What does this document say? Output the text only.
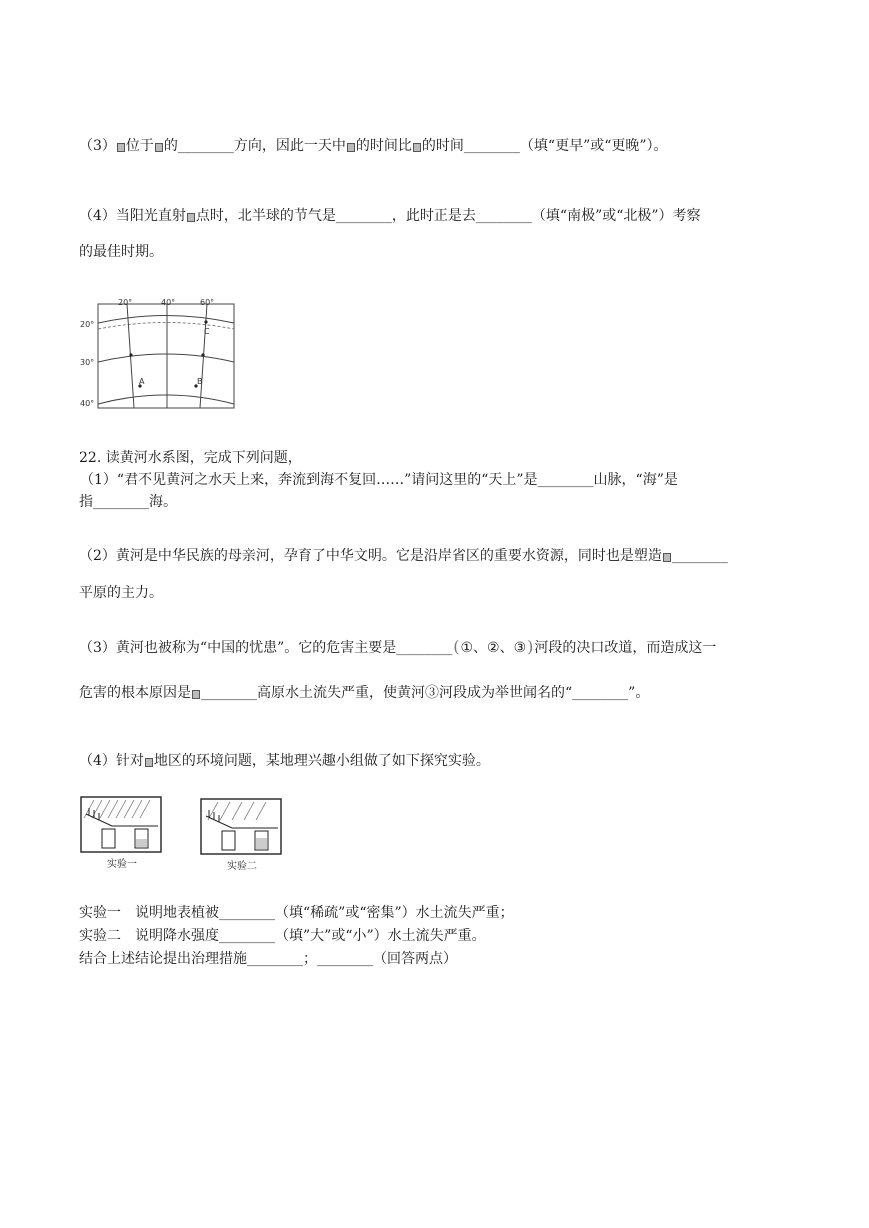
（3） 位于 的________方向，因此一天中 的时间比 的时间________（填“更早”或“更晚”）。
（4）当阳光直射 点时，北半球的节气是________，此时正是去________（填“南极”或“北极”）考察
的最佳时期。
20°	40°	60°
20°
30°
40°
A	B
C
22. 读黄河水系图，完成下列问题，
（1）“君不见黄河之水天上来，奔流到海不复回……”请问这里的“天上”是________山脉，“海”是
指________海。
（2）黄河是中华民族的母亲河，孕育了中华文明。它是沿岸省区的重要水资源，同时也是塑造 ________
平原的主力。
（3）黄河也被称为“中国的忧患”。它的危害主要是________(①、②、③)河段的决口改道，而造成这一
危害的根本原因是 ________高原水土流失严重，使黄河③河段成为举世闻名的“________”。
（4）针对 地区的环境问题，某地理兴趣小组做了如下探究实验。
实验一	实验二
实验一　说明地表植被________（填“稀疏”或“密集”）水土流失严重；
实验二　说明降水强度________（填”大”或“小”）水土流失严重。
结合上述结论提出治理措施________；________（回答两点）
